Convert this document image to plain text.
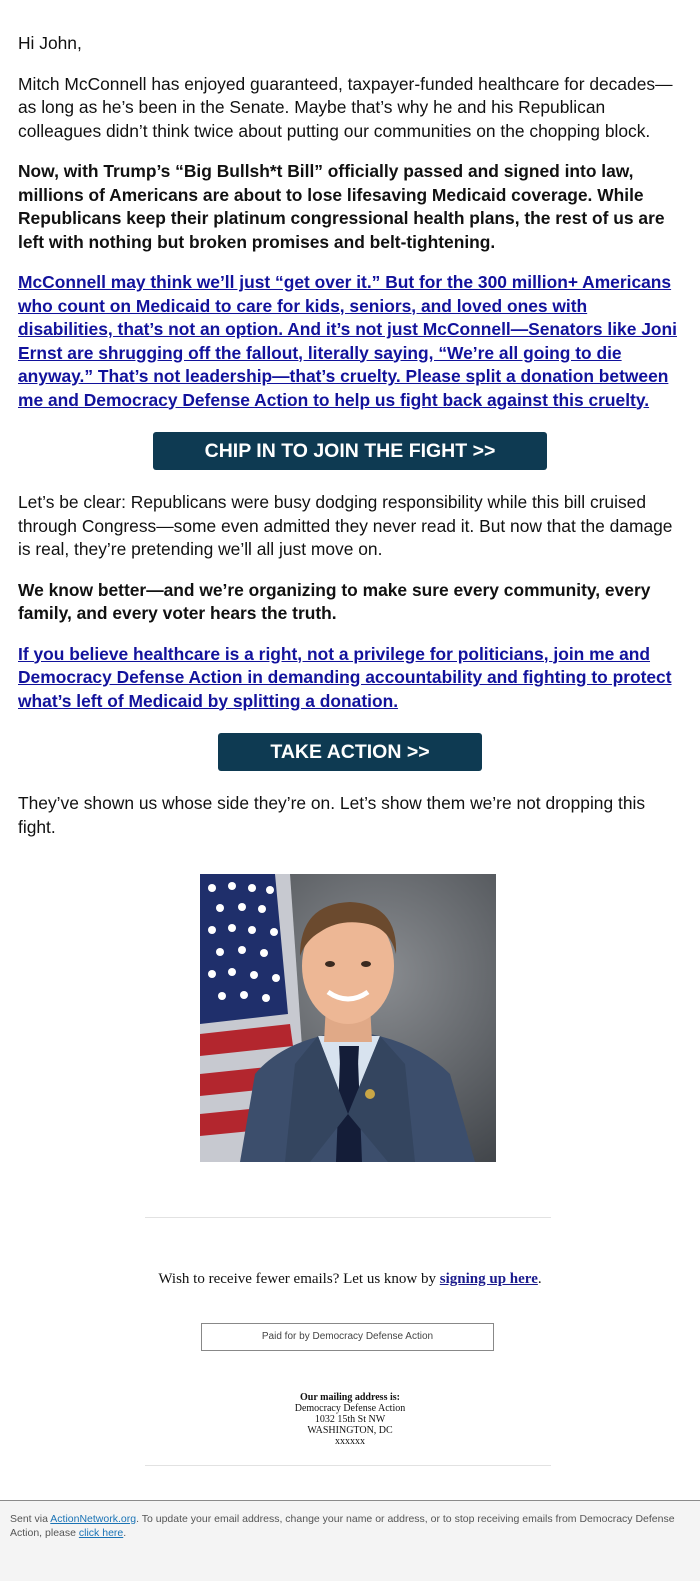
Hi John,

Mitch McConnell has enjoyed guaranteed, taxpayer-funded healthcare for decades—as long as he’s been in the Senate. Maybe that’s why he and his Republican colleagues didn’t think twice about putting our communities on the chopping block.

Now, with Trump’s “Big Bullsh*t Bill” officially passed and signed into law, millions of Americans are about to lose lifesaving Medicaid coverage. While Republicans keep their platinum congressional health plans, the rest of us are left with nothing but broken promises and belt-tightening.

McConnell may think we’ll just “get over it.” But for the 300 million+ Americans who count on Medicaid to care for kids, seniors, and loved ones with disabilities, that’s not an option. And it’s not just McConnell—Senators like Joni Ernst are shrugging off the fallout, literally saying, “We’re all going to die anyway.” That’s not leadership—that’s cruelty. Please split a donation between me and Democracy Defense Action to help us fight back against this cruelty.

CHIP IN TO JOIN THE FIGHT >>

Let’s be clear: Republicans were busy dodging responsibility while this bill cruised through Congress—some even admitted they never read it. But now that the damage is real, they’re pretending we’ll all just move on.

We know better—and we’re organizing to make sure every community, every family, and every voter hears the truth.

If you believe healthcare is a right, not a privilege for politicians, join me and Democracy Defense Action in demanding accountability and fighting to protect what’s left of Medicaid by splitting a donation.

TAKE ACTION >>

They’ve shown us whose side they’re on. Let’s show them we’re not dropping this fight.

Wish to receive fewer emails? Let us know by signing up here.
Paid for by Democracy Defense Action
Our mailing address is:
Democracy Defense Action
1032 15th St NW
WASHINGTON, DC
xxxxxx
Sent via ActionNetwork.org. To update your email address, change your name or address, or to stop receiving emails from Democracy Defense Action, please click here.
